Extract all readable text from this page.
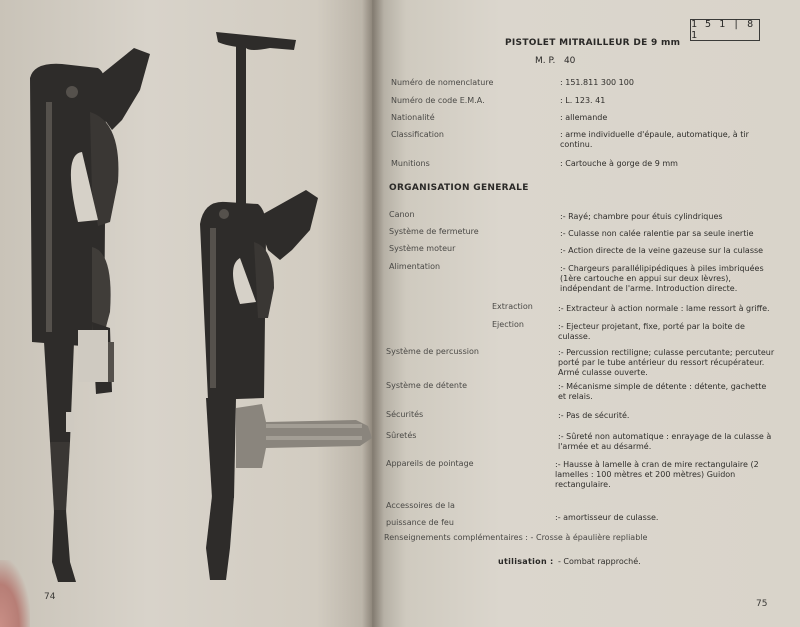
74
1 5 1 | 8 1
PISTOLET MITRAILLEUR DE 9 mm
M. P.   40
Numéro de nomenclature	: 151.811 300 100
Numéro de code E.M.A.	: L. 123. 41
Nationalité	: allemande
Classification	: arme individuelle d'épaule, automatique, à tir continu.
Munitions	: Cartouche à gorge de 9 mm
ORGANISATION GENERALE
Canon	:- Rayé; chambre pour étuis cylindriques
Système de fermeture	:- Culasse non calée ralentie par sa seule inertie
Système moteur	:- Action directe de la veine gazeuse sur la culasse
Alimentation	:- Chargeurs parallélipipédiques à piles imbriquées (1ère cartouche en appui sur deux lèvres), indépendant de l'arme. Introduction directe.
Extraction	:- Extracteur à action normale : lame ressort à griffe.
Ejection	:- Ejecteur projetant, fixe, porté par la boite de culasse.
Système de percussion	:- Percussion rectiligne; culasse percutante; percuteur porté par le tube antérieur du ressort récupérateur. Armé culasse ouverte.
Système de détente	:- Mécanisme simple de détente : détente, gachette et relais.
Sécurités	:- Pas de sécurité.
Sûretés	:- Sûreté non automatique : enrayage de la culasse à l'armée et au désarmé.
Appareils de pointage	:- Hausse à lamelle à cran de mire rectangulaire (2 lamelles : 100 mètres et 200 mètres) Guidon rectangulaire.
Accessoires de la puissance de feu
:- amortisseur de culasse.
Renseignements complémentaires : - Crosse à épaulière repliable
utilisation : - Combat rapproché.
75
